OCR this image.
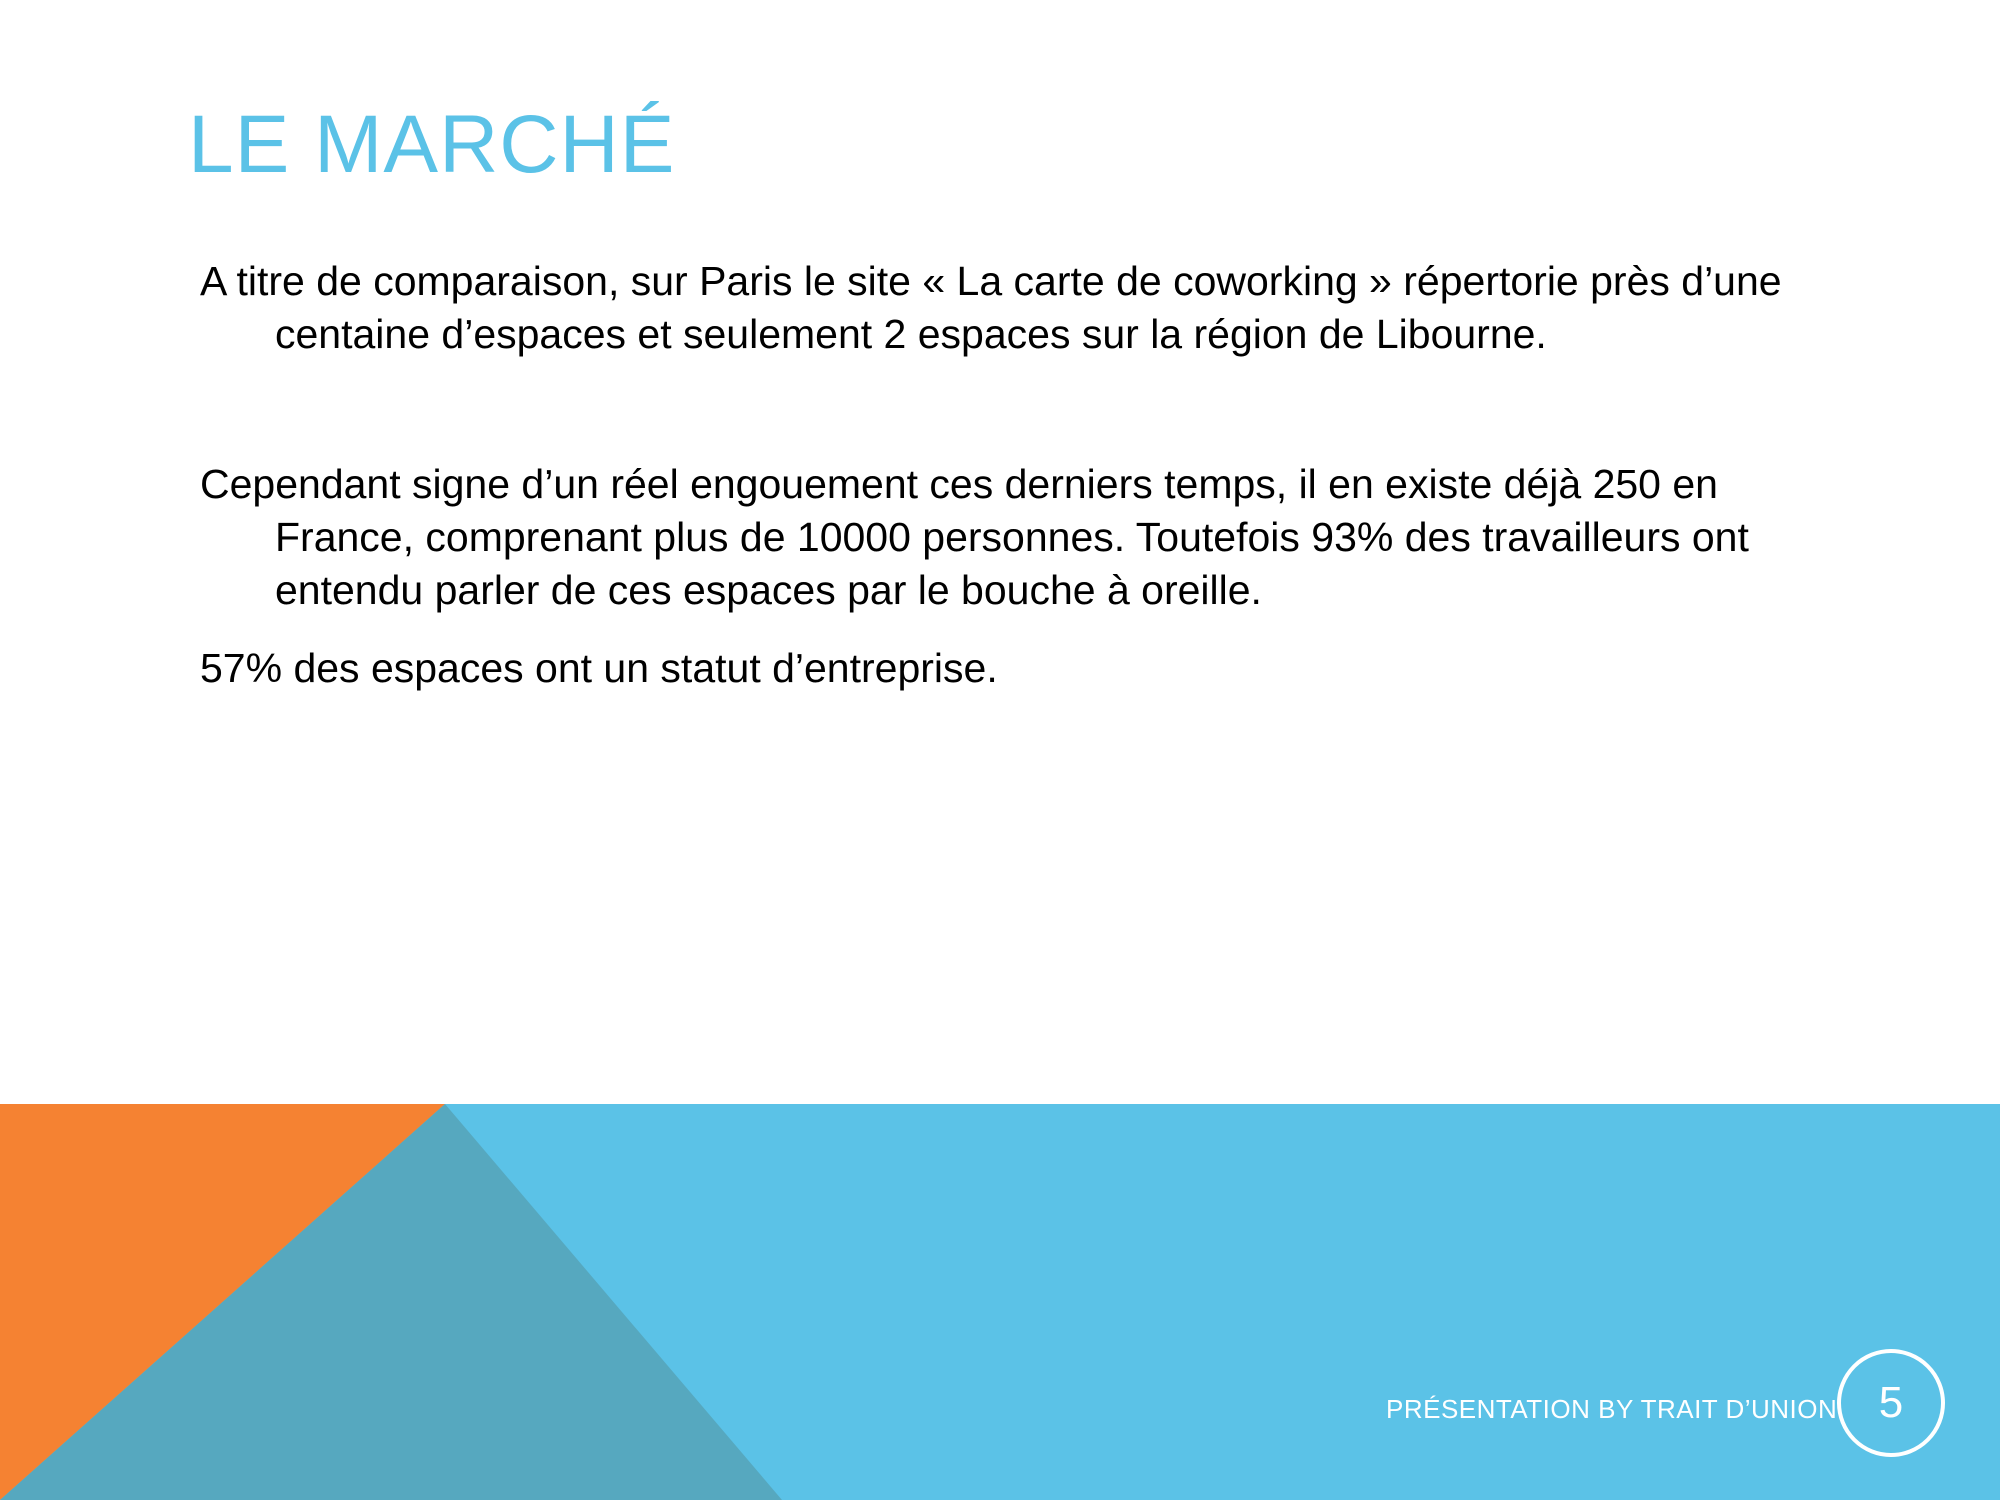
LE MARCHÉ

A titre de comparaison, sur Paris le site « La carte de coworking » répertorie près d’une centaine d’espaces et seulement 2 espaces sur la région de Libourne.

Cependant signe d’un réel engouement ces derniers temps, il en existe déjà 250 en France, comprenant plus de 10000 personnes. Toutefois 93% des travailleurs ont entendu parler de ces espaces par le bouche à oreille.

57% des espaces ont un statut d’entreprise.

PRÉSENTATION BY TRAIT D’UNION 5
